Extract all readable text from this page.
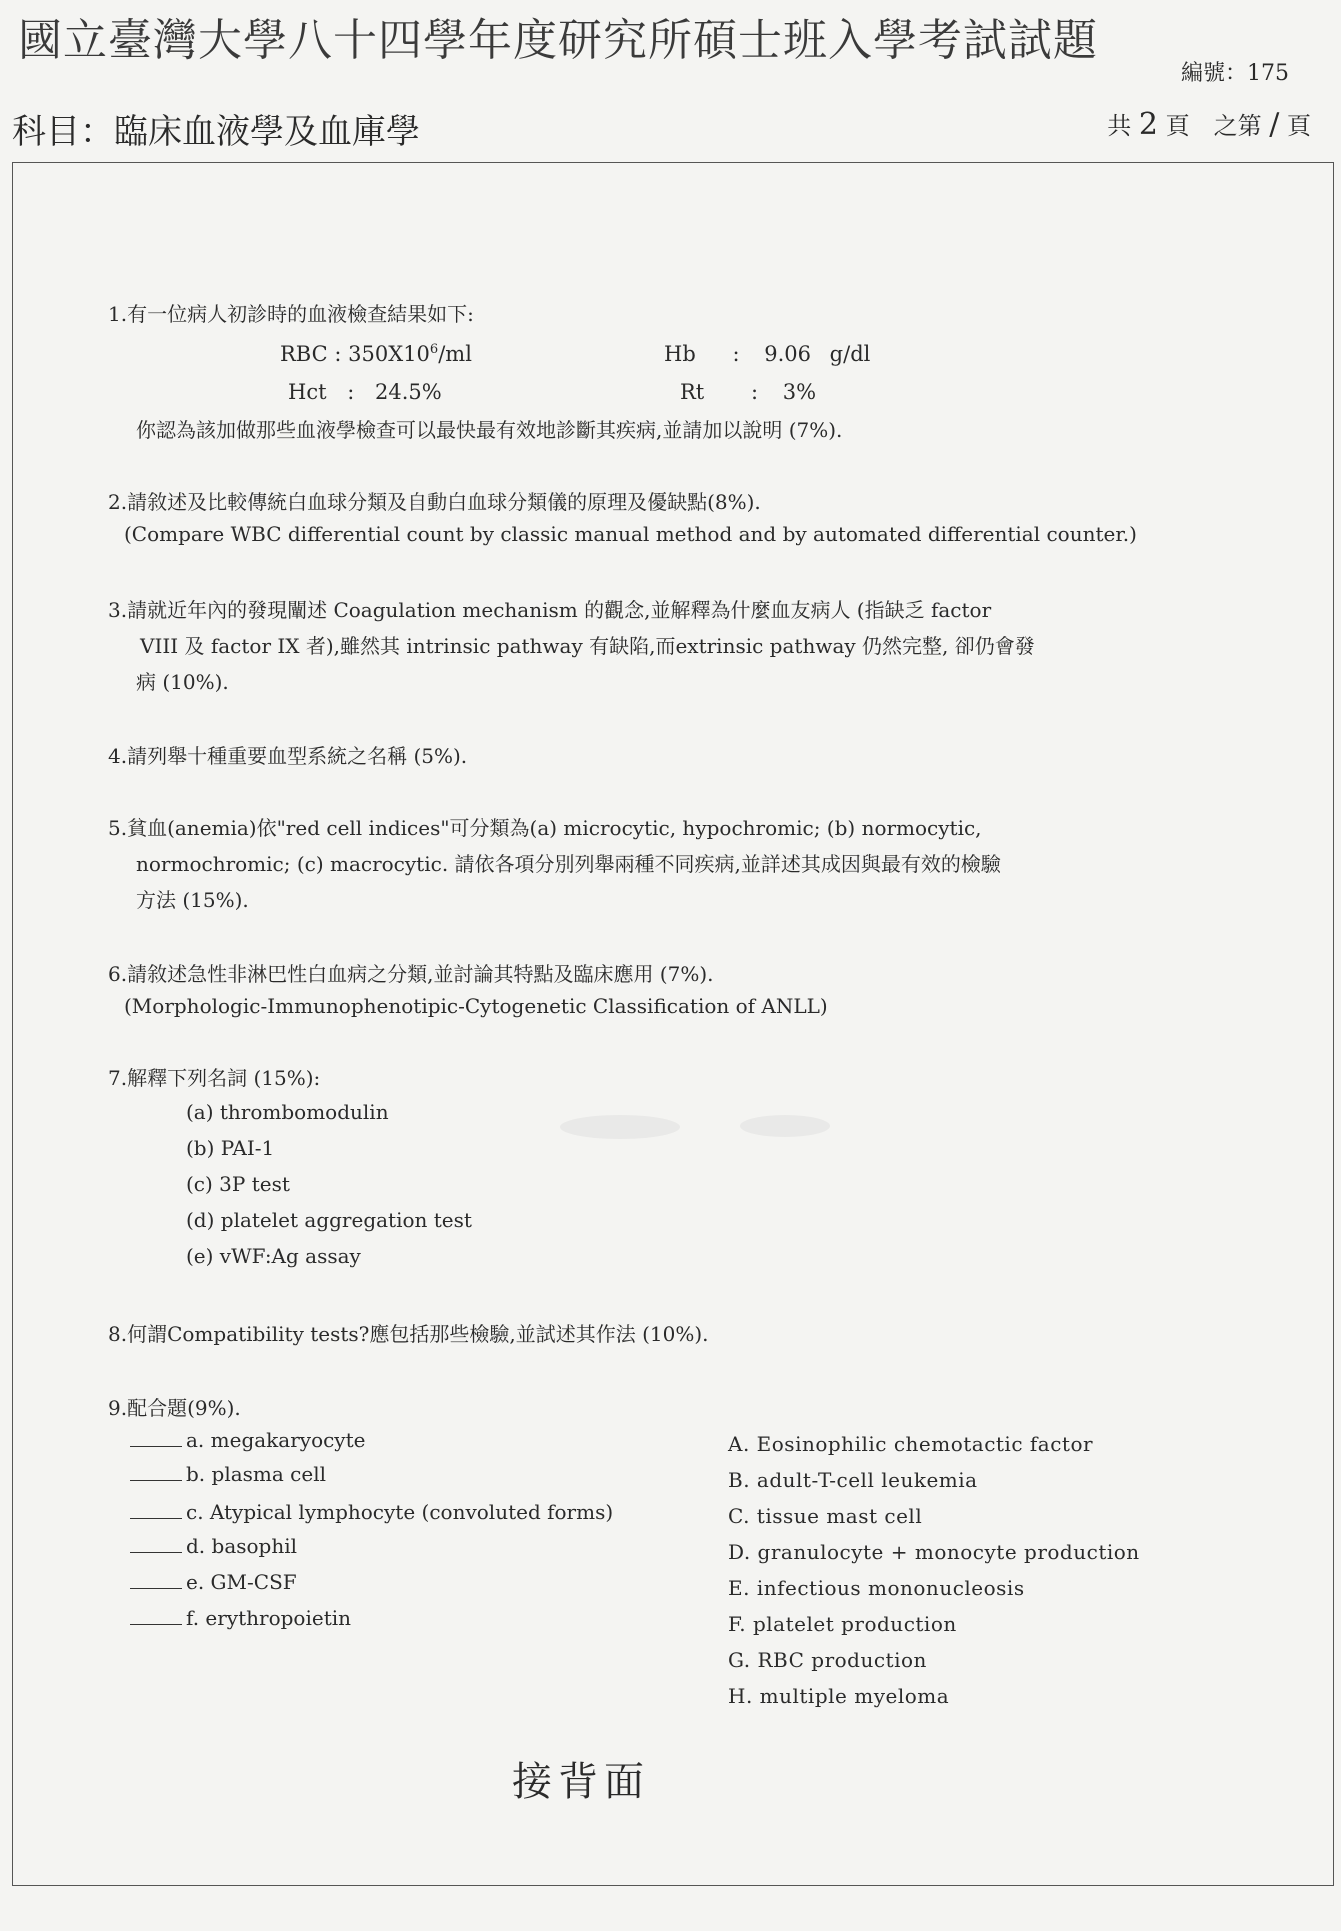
國立臺灣大學八十四學年度研究所碩士班入學考試試題
編號：175
科目：臨床血液學及血庫學	共 2 頁　之第 / 頁
1.有一位病人初診時的血液檢查結果如下:
RBC : $350X10^6/ml$	Hb : 9.06 g/dl
Hct : 24.5%	Rt : 3%
你認為該加做那些血液學檢查可以最快最有效地診斷其疾病,並請加以說明 (7%).
2.請敘述及比較傳統白血球分類及自動白血球分類儀的原理及優缺點(8%).
(Compare WBC differential count by classic manual method and by automated differential counter.)
3.請就近年內的發現闡述 Coagulation mechanism 的觀念,並解釋為什麼血友病人 (指缺乏 factor
VIII 及 factor IX 者),雖然其 intrinsic pathway 有缺陷,而extrinsic pathway 仍然完整, 卻仍會發
病 (10%).
4.請列舉十種重要血型系統之名稱 (5%).
5.貧血(anemia)依"red cell indices"可分類為(a) microcytic, hypochromic; (b) normocytic,
normochromic; (c) macrocytic. 請依各項分別列舉兩種不同疾病,並詳述其成因與最有效的檢驗
方法 (15%).
6.請敘述急性非淋巴性白血病之分類,並討論其特點及臨床應用 (7%).
(Morphologic-Immunophenotipic-Cytogenetic Classification of ANLL)
7.解釋下列名詞 (15%):
(a) thrombomodulin
(b) PAI-1
(c) 3P test
(d) platelet aggregation test
(e) vWF:Ag assay
8.何謂Compatibility tests?應包括那些檢驗,並試述其作法 (10%).
9.配合題(9%).
a. megakaryocyte
b. plasma cell
c. Atypical lymphocyte (convoluted forms)
d. basophil
e. GM-CSF
f. erythropoietin
A. Eosinophilic chemotactic factor
B. adult-T-cell leukemia
C. tissue mast cell
D. granulocyte + monocyte production
E. infectious mononucleosis
F. platelet production
G. RBC production
H. multiple myeloma
接背面
